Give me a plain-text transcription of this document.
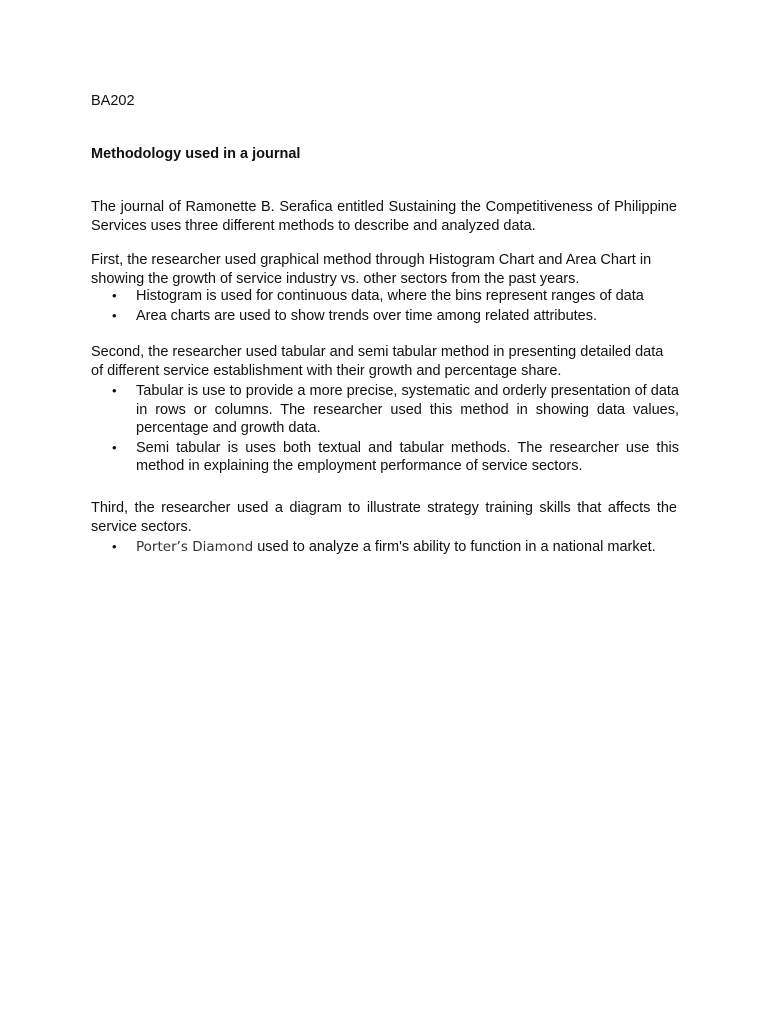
BA202
Methodology used in a journal

The journal of Ramonette B. Serafica entitled Sustaining the Competitiveness of Philippine Services uses three different methods to describe and analyzed data.

First, the researcher used graphical method through Histogram Chart and Area Chart in showing the growth of service industry vs. other sectors from the past years.

• Histogram is used for continuous data, where the bins represent ranges of data
• Area charts are used to show trends over time among related attributes.

Second, the researcher used tabular and semi tabular method in presenting detailed data of different service establishment with their growth and percentage share.

• Tabular is use to provide a more precise, systematic and orderly presentation of data in rows or columns. The researcher used this method in showing data values, percentage and growth data.
• Semi tabular is uses both textual and tabular methods. The researcher use this method in explaining the employment performance of service sectors.

Third, the researcher used a diagram to illustrate strategy training skills that affects the service sectors.

• Porter’s Diamond used to analyze a firm's ability to function in a national market.
